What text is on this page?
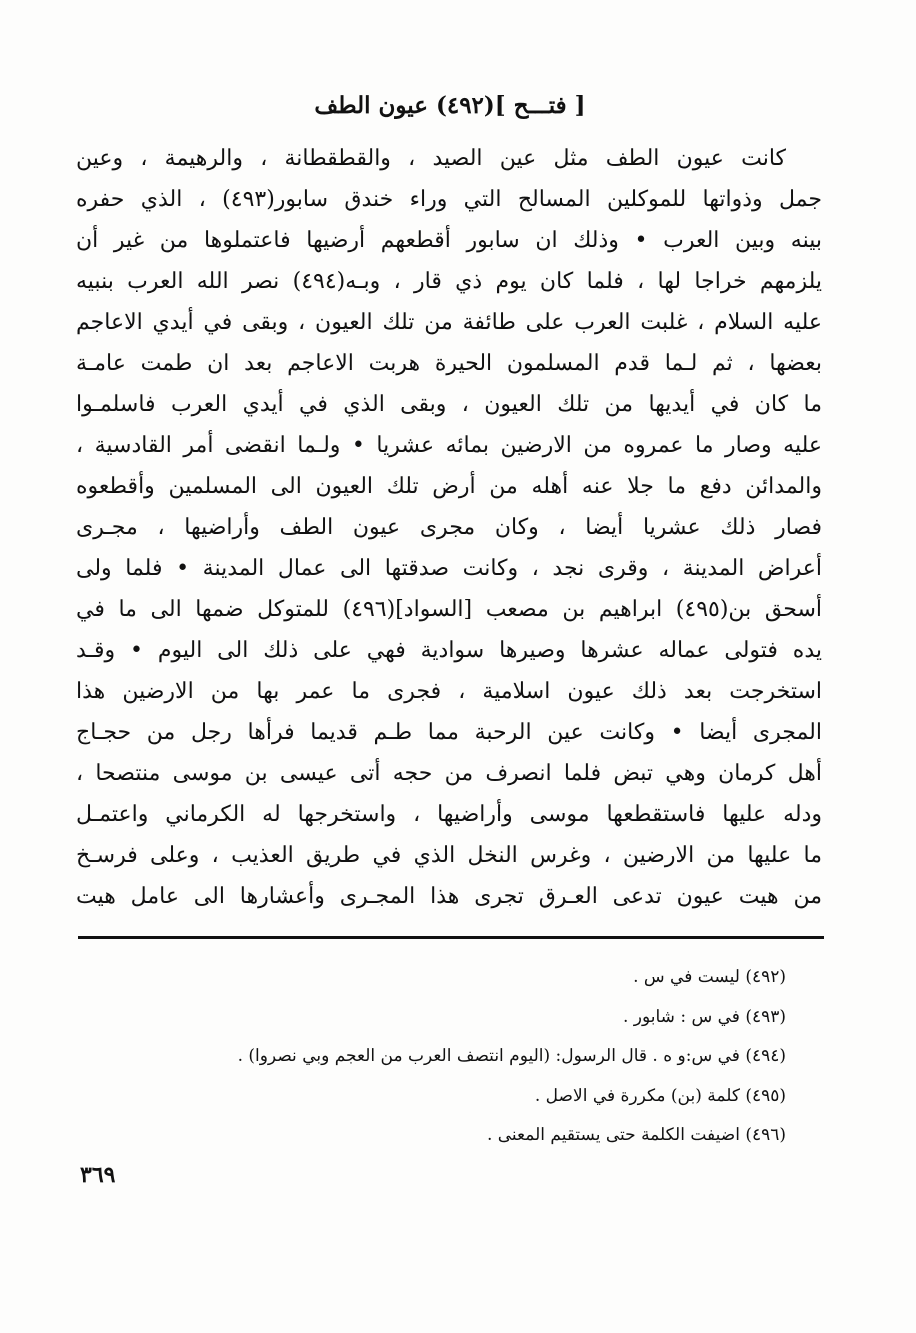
[ فتـــح ](٤٩٢) عيون الطف
كانت عيون الطف مثل عين الصيد ، والقطقطانة ، والرهيمة ، وعين
جمل وذواتها للموكلين المسالح التي وراء خندق سابور(٤٩٣) ، الذي حفره
بينه وبين العرب • وذلك ان سابور أقطعهم أرضيها فاعتملوها من غير أن
يلزمهم خراجا لها ، فلما كان يوم ذي قار ، وبـه(٤٩٤) نصر الله العرب بنبيه
عليه السلام ، غلبت العرب على طائفة من تلك العيون ، وبقى في أيدي الاعاجم
بعضها ، ثم لـما قدم المسلمون الحيرة هربت الاعاجم بعد ان طمت عامـة
ما كان في أيديها من تلك العيون ، وبقى الذي في أيدي العرب فاسلمـوا
عليه وصار ما عمروه من الارضين بمائه عشريا • ولـما انقضى أمر القادسية ،
والمدائن دفع ما جلا عنه أهله من أرض تلك العيون الى المسلمين وأقطعوه
فصار ذلك عشريا أيضا ، وكان مجرى عيون الطف وأراضيها ، مجـرى
أعراض المدينة ، وقرى نجد ، وكانت صدقتها الى عمال المدينة • فلما ولى
أسحق بن(٤٩٥) ابراهيم بن مصعب [السواد](٤٩٦) للمتوكل ضمها الى ما في
يده فتولى عماله عشرها وصيرها سوادية فهي على ذلك الى اليوم • وقـد
استخرجت بعد ذلك عيون اسلامية ، فجرى ما عمر بها من الارضين هذا
المجرى أيضا • وكانت عين الرحبة مما طـم قديما فرأها رجل من حجـاج
أهل كرمان وهي تبض فلما انصرف من حجه أتى عيسى بن موسى منتصحا ،
ودله عليها فاستقطعها موسى وأراضيها ، واستخرجها له الكرماني واعتمـل
ما عليها من الارضين ، وغرس النخل الذي في طريق العذيب ، وعلى فرسـخ
من هيت عيون تدعى العـرق تجرى هذا المجـرى وأعشارها الى عامل هيت
(٤٩٢) ليست في س .
(٤٩٣) في س : شابور .
(٤٩٤) في س:و ه . قال الرسول: (اليوم انتصف العرب من العجم وبي نصروا) .
(٤٩٥) كلمة (بن) مكررة في الاصل .
(٤٩٦) اضيفت الكلمة حتى يستقيم المعنى .
٣٦٩
